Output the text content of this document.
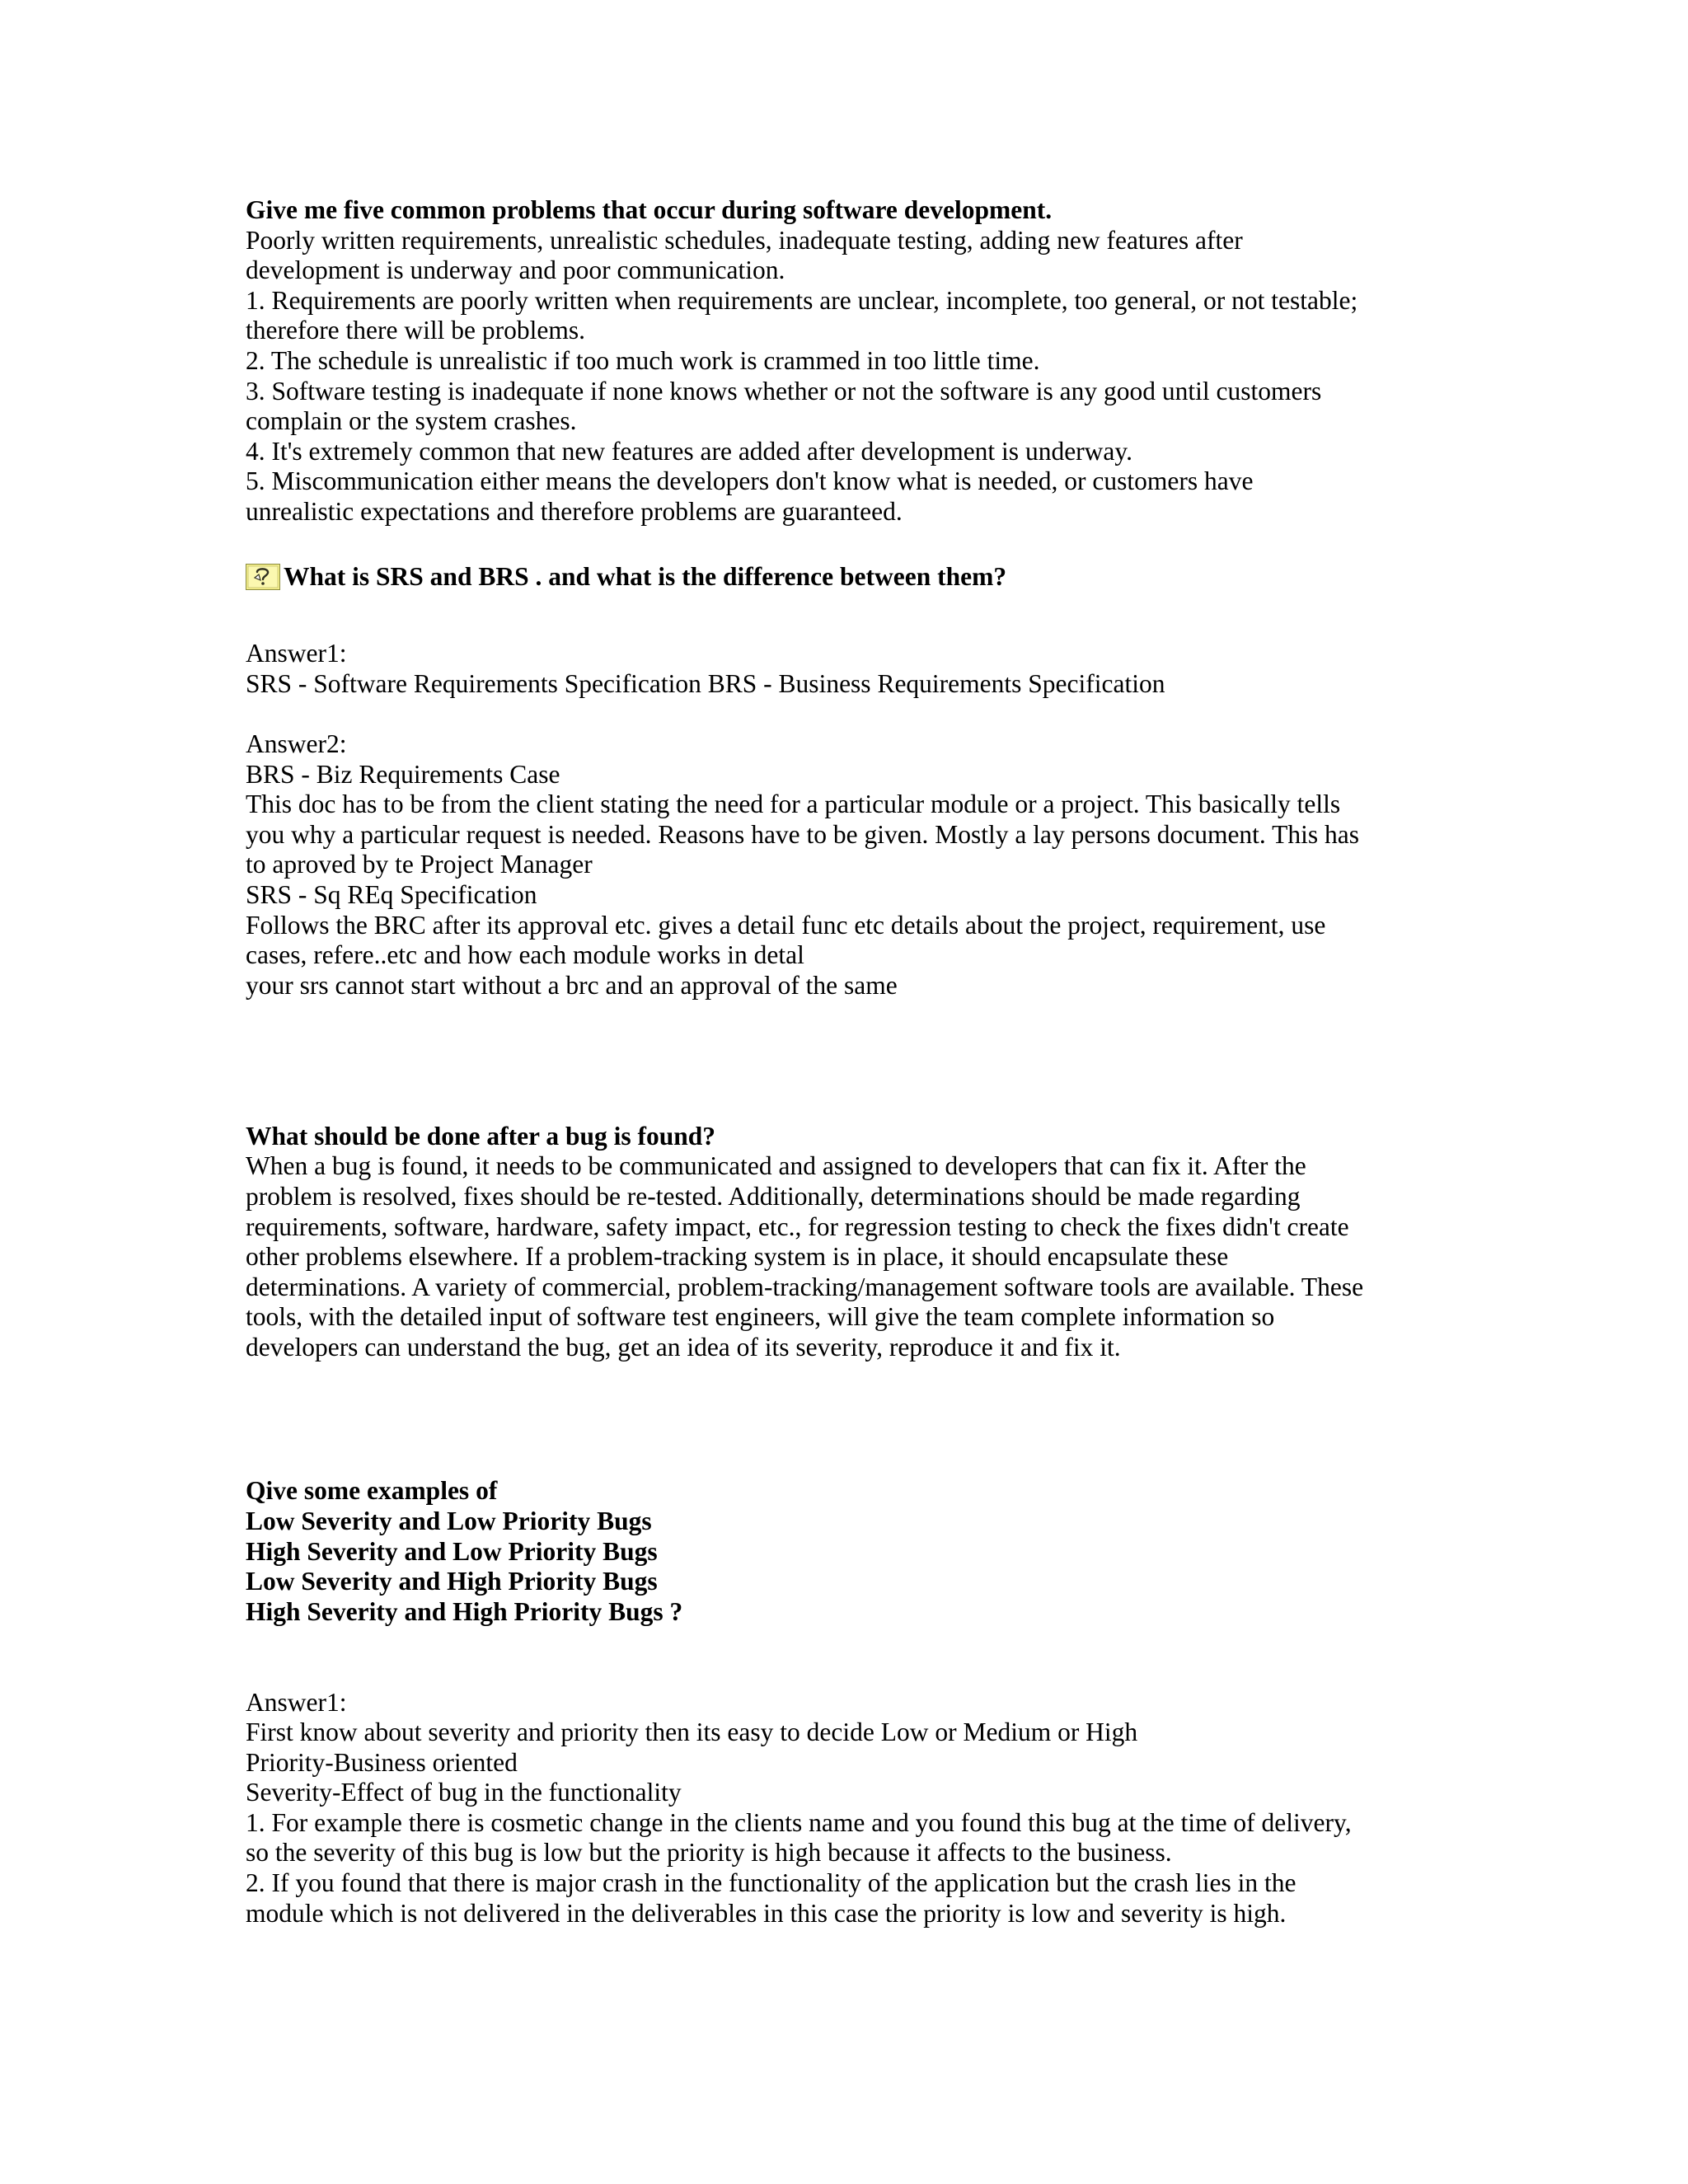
Give me five common problems that occur during software development.
Poorly written requirements, unrealistic schedules, inadequate testing, adding new features after
development is underway and poor communication.
1. Requirements are poorly written when requirements are unclear, incomplete, too general, or not testable;
therefore there will be problems.
2. The schedule is unrealistic if too much work is crammed in too little time.
3. Software testing is inadequate if none knows whether or not the software is any good until customers
complain or the system crashes.
4. It's extremely common that new features are added after development is underway.
5. Miscommunication either means the developers don't know what is needed, or customers have
unrealistic expectations and therefore problems are guaranteed.
What is SRS and BRS . and what is the difference between them?
Answer1:
SRS - Software Requirements Specification BRS - Business Requirements Specification
Answer2:
BRS - Biz Requirements Case
This doc has to be from the client stating the need for a particular module or a project. This basically tells
you why a particular request is needed. Reasons have to be given. Mostly a lay persons document. This has
to aproved by te Project Manager
SRS - Sq REq Specification
Follows the BRC after its approval etc. gives a detail func etc details about the project, requirement, use
cases, refere..etc and how each module works in detal
your srs cannot start without a brc and an approval of the same
What should be done after a bug is found?
When a bug is found, it needs to be communicated and assigned to developers that can fix it. After the
problem is resolved, fixes should be re-tested. Additionally, determinations should be made regarding
requirements, software, hardware, safety impact, etc., for regression testing to check the fixes didn't create
other problems elsewhere. If a problem-tracking system is in place, it should encapsulate these
determinations. A variety of commercial, problem-tracking/management software tools are available. These
tools, with the detailed input of software test engineers, will give the team complete information so
developers can understand the bug, get an idea of its severity, reproduce it and fix it.
Qive some examples of
Low Severity and Low Priority Bugs
High Severity and Low Priority Bugs
Low Severity and High Priority Bugs
High Severity and High Priority Bugs ?
Answer1:
First know about severity and priority then its easy to decide Low or Medium or High
Priority-Business oriented
Severity-Effect of bug in the functionality
1. For example there is cosmetic change in the clients name and you found this bug at the time of delivery,
so the severity of this bug is low but the priority is high because it affects to the business.
2. If you found that there is major crash in the functionality of the application but the crash lies in the
module which is not delivered in the deliverables in this case the priority is low and severity is high.
